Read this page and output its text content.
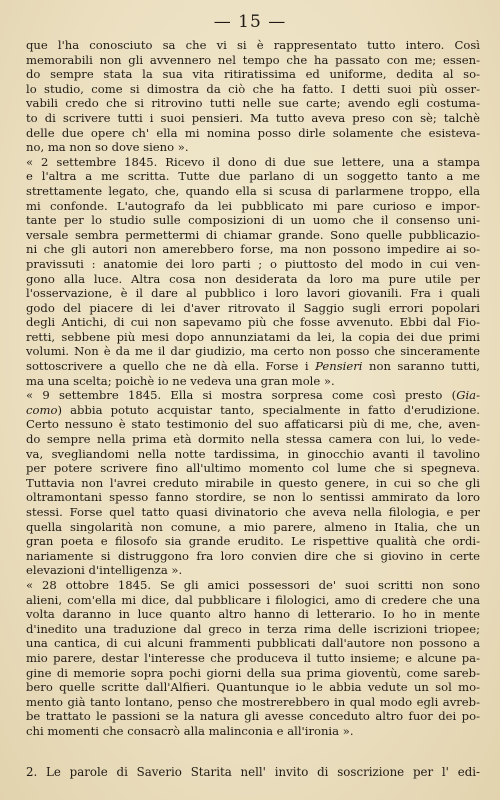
— 15 —
que l'ha conosciuto sa che vi si è rappresentato tutto intero. Così
memorabili non gli avvennero nel tempo che ha passato con me; essen-
do sempre stata la sua vita ritiratissima ed uniforme, dedita al so-
lo studio, come si dimostra da ciò che ha fatto. I detti suoi più osser-
vabili credo che si ritrovino tutti nelle sue carte; avendo egli costuma-
to di scrivere tutti i suoi pensieri. Ma tutto aveva preso con sè; talchè
delle due opere ch' ella mi nomina posso dirle solamente che esisteva-
no, ma non so dove sieno ».
« 2 settembre 1845. Ricevo il dono di due sue lettere, una a stampa
e l'altra a me scritta. Tutte due parlano di un soggetto tanto a me
strettamente legato, che, quando ella si scusa di parlarmene troppo, ella
mi confonde. L'autografo da lei pubblicato mi pare curioso e impor-
tante per lo studio sulle composizioni di un uomo che il consenso uni-
versale sembra permettermi di chiamar grande. Sono quelle pubblicazio-
ni che gli autori non amerebbero forse, ma non possono impedire ai so-
pravissuti : anatomie dei loro parti ; o piuttosto del modo in cui ven-
gono alla luce. Altra cosa non desiderata da loro ma pure utile per
l'osservazione, è il dare al pubblico i loro lavori giovanili. Fra i quali
godo del piacere di lei d'aver ritrovato il Saggio sugli errori popolari
degli Antichi, di cui non sapevamo più che fosse avvenuto. Ebbi dal Fio-
retti, sebbene più mesi dopo annunziatami da lei, la copia dei due primi
volumi. Non è da me il dar giudizio, ma certo non posso che sinceramente
sottoscrivere a quello che ne dà ella. Forse i Pensieri non saranno tutti,
ma una scelta; poichè io ne vedeva una gran mole ».
« 9 settembre 1845. Ella si mostra sorpresa come così presto (Gia-
como) abbia potuto acquistar tanto, specialmente in fatto d'erudizione.
Certo nessuno è stato testimonio del suo affaticarsi più di me, che, aven-
do sempre nella prima età dormito nella stessa camera con lui, lo vede-
va, svegliandomi nella notte tardissima, in ginocchio avanti il tavolino
per potere scrivere fino all'ultimo momento col lume che si spegneva.
Tuttavia non l'avrei creduto mirabile in questo genere, in cui so che gli
oltramontani spesso fanno stordire, se non lo sentissi ammirato da loro
stessi. Forse quel tatto quasi divinatorio che aveva nella filologia, e per
quella singolarità non comune, a mio parere, almeno in Italia, che un
gran poeta e filosofo sia grande erudito. Le rispettive qualità che ordi-
nariamente si distruggono fra loro convien dire che si giovino in certe
elevazioni d'intelligenza ».
« 28 ottobre 1845. Se gli amici possessori de' suoi scritti non sono
alieni, com'ella mi dice, dal pubblicare i filologici, amo di credere che una
volta daranno in luce quanto altro hanno di letterario. Io ho in mente
d'inedito una traduzione dal greco in terza rima delle iscrizioni triopee;
una cantica, di cui alcuni frammenti pubblicati dall'autore non possono a
mio parere, destar l'interesse che produceva il tutto insieme; e alcune pa-
gine di memorie sopra pochi giorni della sua prima gioventù, come sareb-
bero quelle scritte dall'Alfieri. Quantunque io le abbia vedute un sol mo-
mento già tanto lontano, penso che mostrerebbero in qual modo egli avreb-
be trattato le passioni se la natura gli avesse conceduto altro fuor dei po-
chi momenti che consacrò alla malinconia e all'ironia ».
2. Le parole di Saverio Starita nell' invito di soscrizione per l' edi-
